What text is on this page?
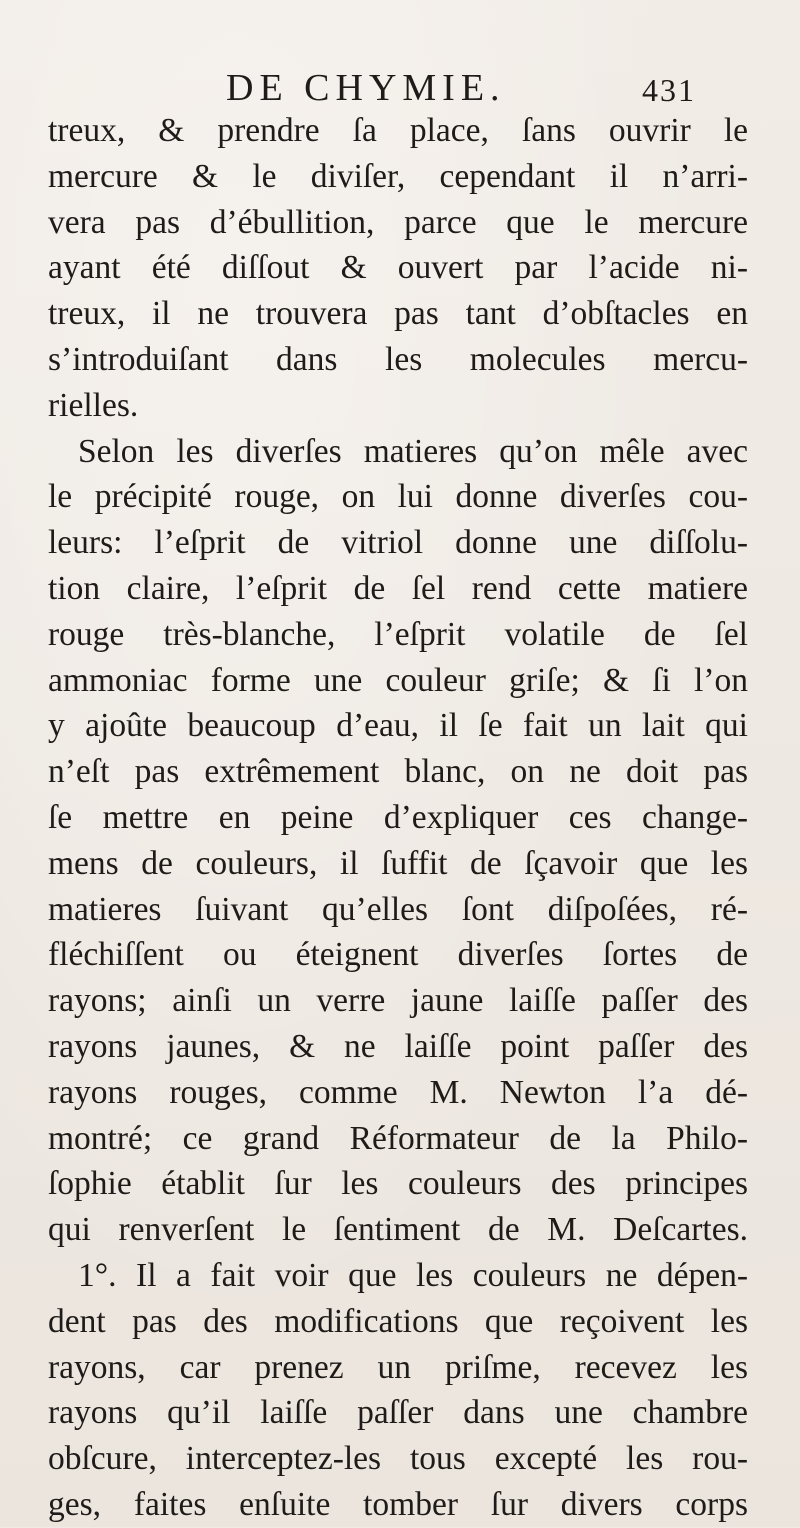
DE CHYMIE.	431
treux, & prendre ſa place, ſans ouvrir le
mercure & le diviſer, cependant il n’arri-
vera pas d’ébullition, parce que le mercure
ayant été diſſout & ouvert par l’acide ni-
treux, il ne trouvera pas tant d’obſtacles en
s’introduiſant dans les molecules mercu-
rielles.
Selon les diverſes matieres qu’on mêle avec
le précipité rouge, on lui donne diverſes cou-
leurs: l’eſprit de vitriol donne une diſſolu-
tion claire, l’eſprit de ſel rend cette matiere
rouge très-blanche, l’eſprit volatile de ſel
ammoniac forme une couleur griſe; & ſi l’on
y ajoûte beaucoup d’eau, il ſe fait un lait qui
n’eſt pas extrêmement blanc, on ne doit pas
ſe mettre en peine d’expliquer ces change-
mens de couleurs, il ſuffit de ſçavoir que les
matieres ſuivant qu’elles ſont diſpoſées, ré-
fléchiſſent ou éteignent diverſes ſortes de
rayons; ainſi un verre jaune laiſſe paſſer des
rayons jaunes, & ne laiſſe point paſſer des
rayons rouges, comme M. Newton l’a dé-
montré; ce grand Réformateur de la Philo-
ſophie établit ſur les couleurs des principes
qui renverſent le ſentiment de M. Deſcartes.
1°. Il a fait voir que les couleurs ne dépen-
dent pas des modifications que reçoivent les
rayons, car prenez un priſme, recevez les
rayons qu’il laiſſe paſſer dans une chambre
obſcure, interceptez-les tous excepté les rou-
ges, faites enſuite tomber ſur divers corps
